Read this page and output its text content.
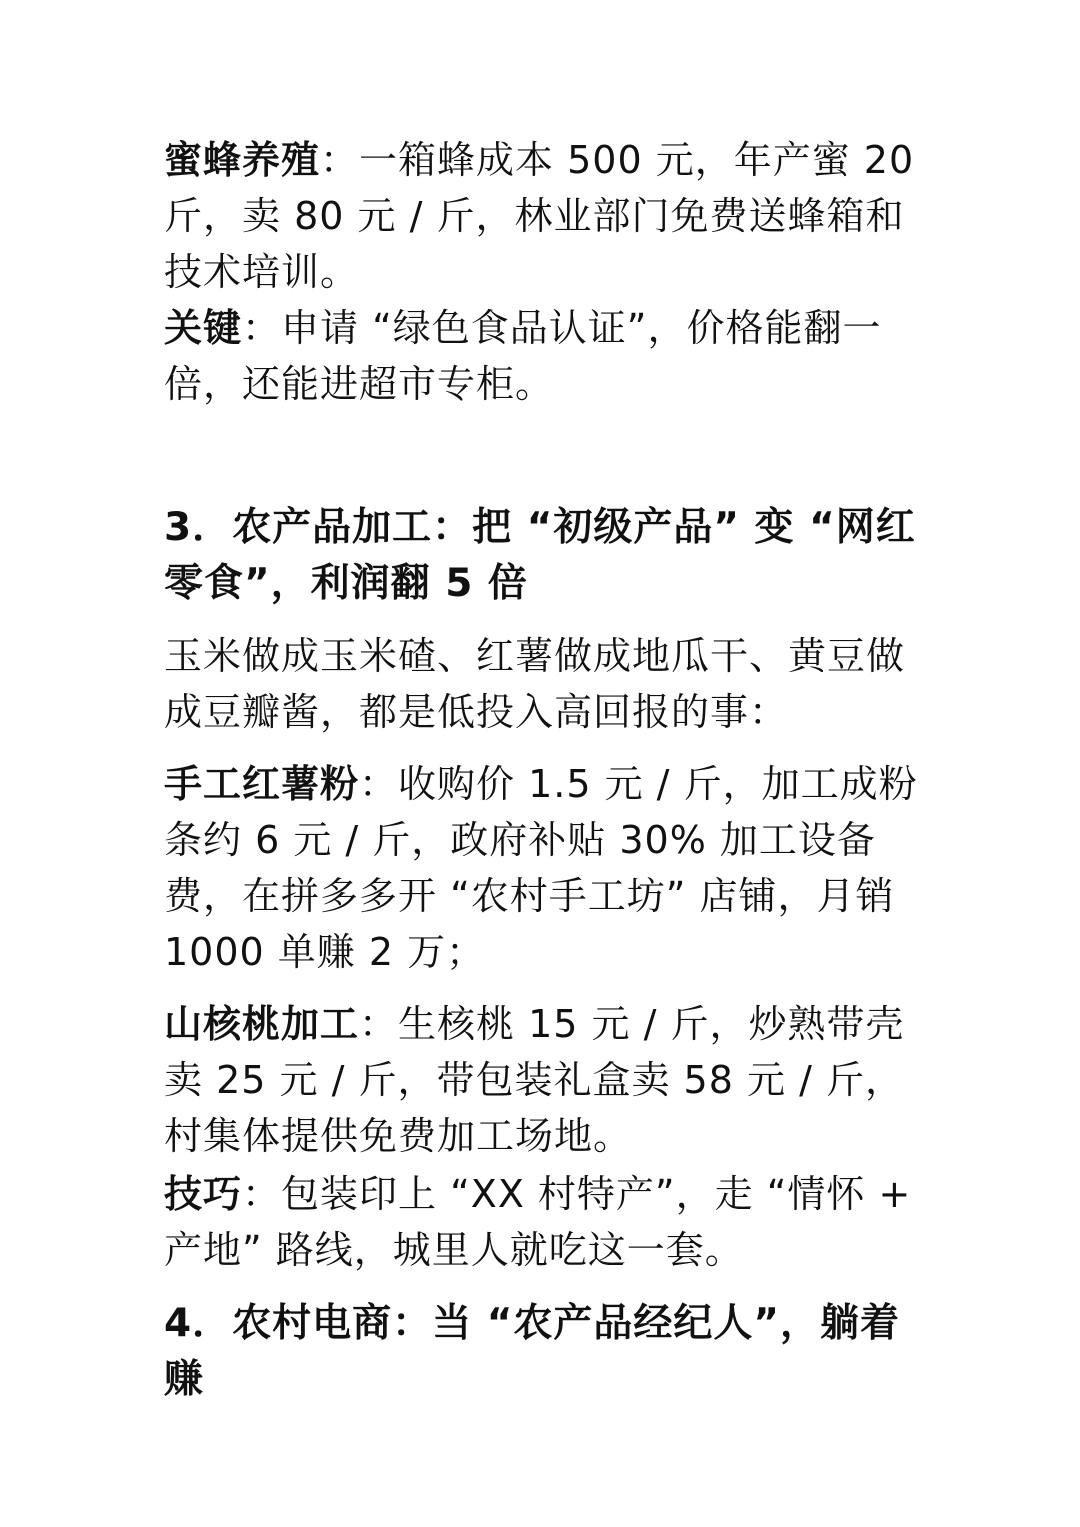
蜜蜂养殖：一箱蜂成本 500 元，年产蜜 20 斤，卖 80 元 / 斤，林业部门免费送蜂箱和技术培训。

关键：申请 “绿色食品认证”，价格能翻一倍，还能进超市专柜。

3．农产品加工：把 “初级产品” 变 “网红零食”，利润翻 5 倍

玉米做成玉米碴、红薯做成地瓜干、黄豆做成豆瓣酱，都是低投入高回报的事：

手工红薯粉：收购价 1.5 元 / 斤，加工成粉条约 6 元 / 斤，政府补贴 30% 加工设备费，在拼多多开 “农村手工坊” 店铺，月销 1000 单赚 2 万；

山核桃加工：生核桃 15 元 / 斤，炒熟带壳卖 25 元 / 斤，带包装礼盒卖 58 元 / 斤，村集体提供免费加工场地。

技巧：包装印上 “XX 村特产”，走 “情怀 + 产地” 路线，城里人就吃这一套。

4．农村电商：当 “农产品经纪人”，躺着赚
